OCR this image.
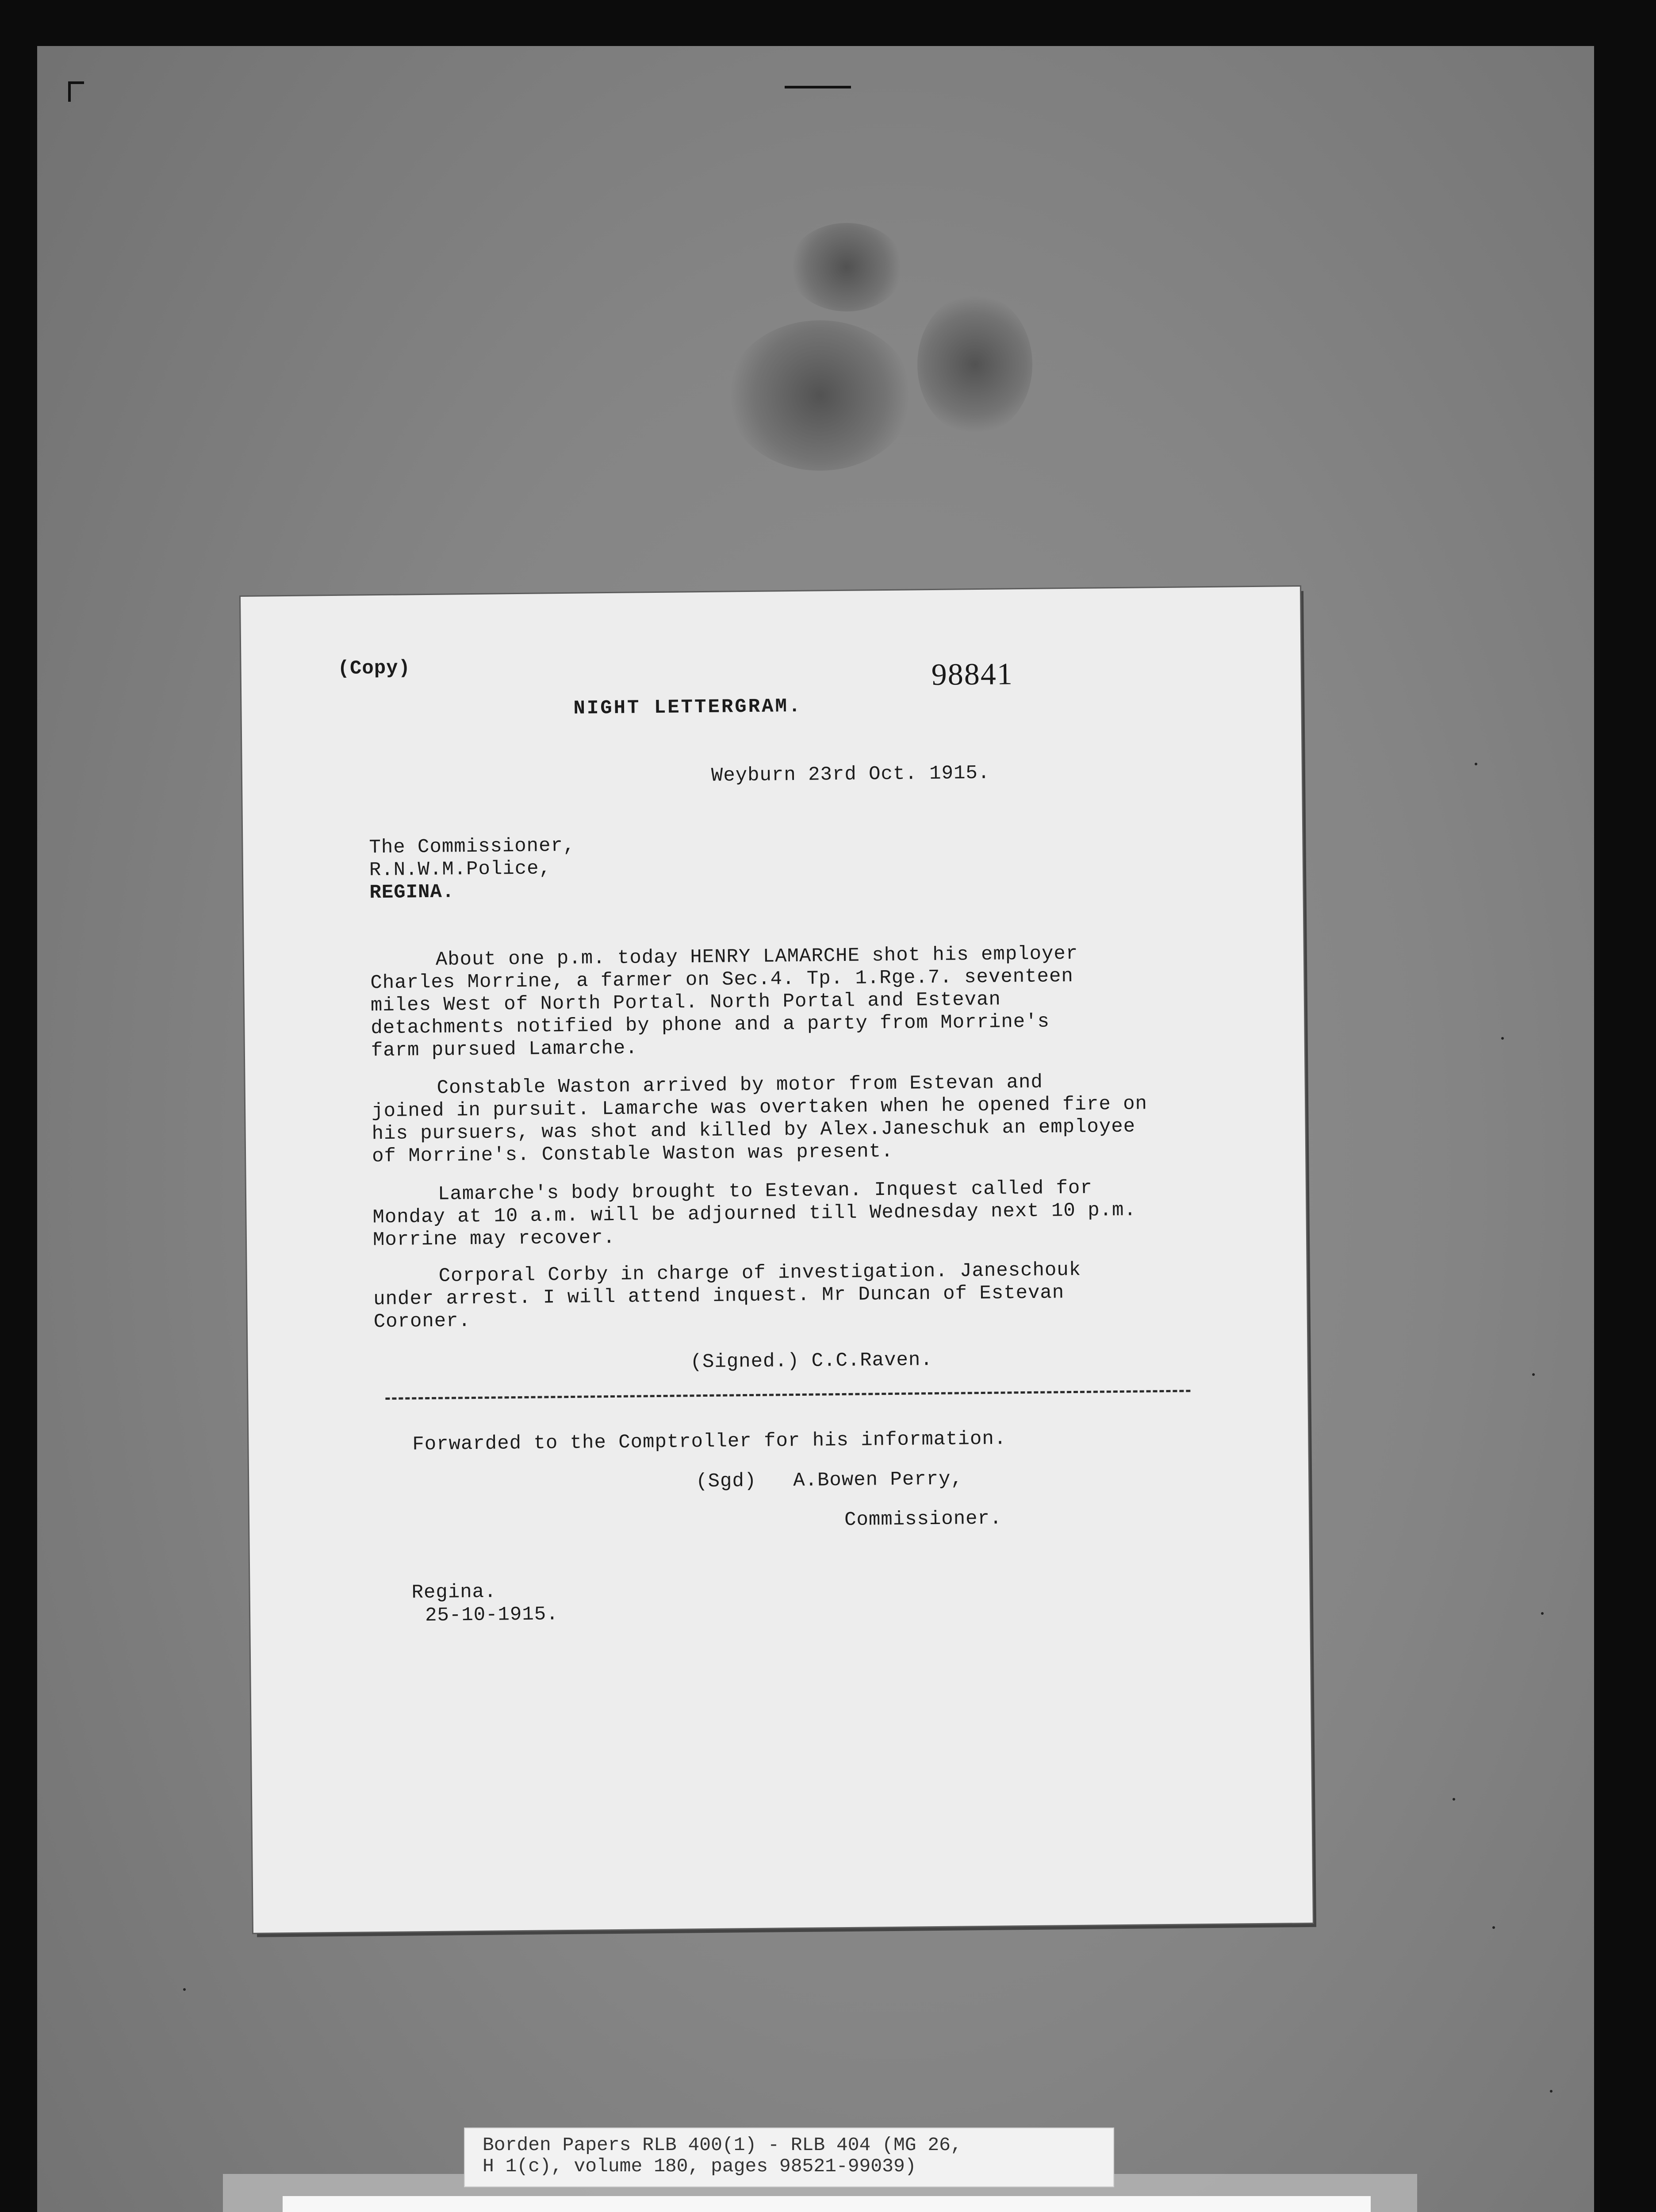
(Copy)	98841
NIGHT LETTERGRAM.
Weyburn 23rd Oct. 1915.
The Commissioner,
R.N.W.M.Police,
REGINA.
About one p.m. today HENRY LAMARCHE shot his employer
Charles Morrine, a farmer on Sec.4. Tp. 1.Rge.7. seventeen
miles West of North Portal. North Portal and Estevan
detachments notified by phone and a party from Morrine's
farm pursued Lamarche.
Constable Waston arrived by motor from Estevan and
joined in pursuit. Lamarche was overtaken when he opened fire on
his pursuers, was shot and killed by Alex.Janeschuk an employee
of Morrine's. Constable Waston was present.
Lamarche's body brought to Estevan. Inquest called for
Monday at 10 a.m. will be adjourned till Wednesday next 10 p.m.
Morrine may recover.
Corporal Corby in charge of investigation. Janeschouk
under arrest. I will attend inquest. Mr Duncan of Estevan
Coroner.
(Signed.) C.C.Raven.
Forwarded to the Comptroller for his information.
(Sgd) A.Bowen Perry,
Commissioner.
Regina.
25-10-1915.
Borden Papers RLB 400(1) - RLB 404 (MG 26,
H 1(c), volume 180, pages 98521-99039)
